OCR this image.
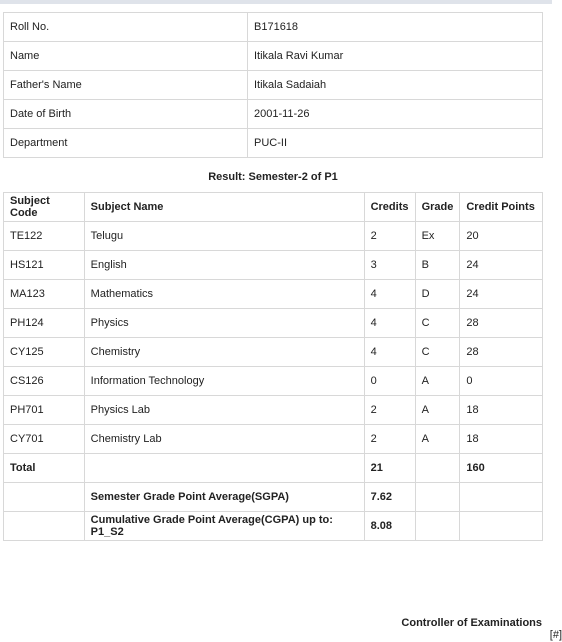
Roll No.	B171618
Name	Itikala Ravi Kumar
Father's Name	Itikala Sadaiah
Date of Birth	2001-11-26
Department	PUC-II
Result: Semester-2 of P1
Subject Code	Subject Name	Credits	Grade	Credit Points
TE122	Telugu	2	Ex	20
HS121	English	3	B	24
MA123	Mathematics	4	D	24
PH124	Physics	4	C	28
CY125	Chemistry	4	C	28
CS126	Information Technology	0	A	0
PH701	Physics Lab	2	A	18
CY701	Chemistry Lab	2	A	18
Total		21		160
	Semester Grade Point Average(SGPA)	7.62		
	Cumulative Grade Point Average(CGPA) up to: P1_S2	8.08		
Controller of Examinations
[#]
